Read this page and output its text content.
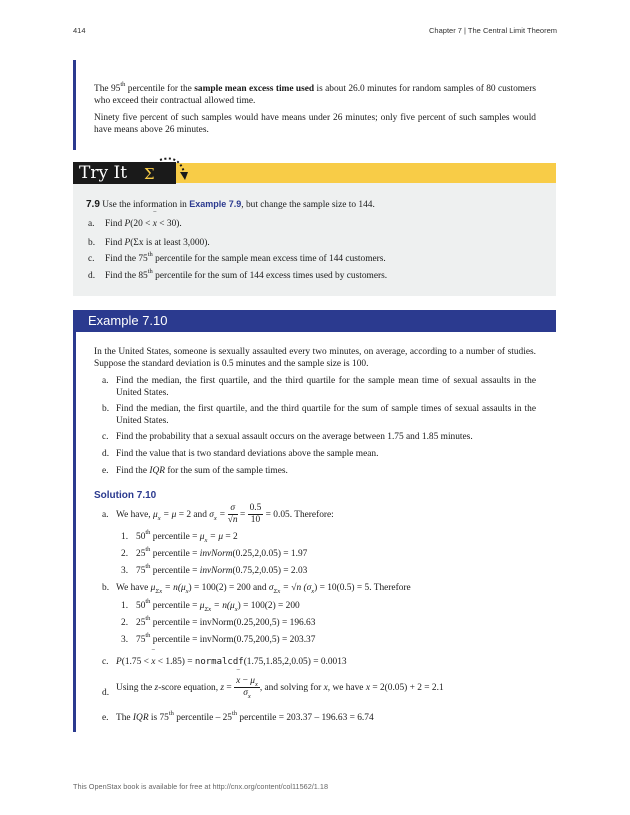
414	Chapter 7 | The Central Limit Theorem
The 95th percentile for the sample mean excess time used is about 26.0 minutes for random samples of 80 customers who exceed their contractual allowed time.
Ninety five percent of such samples would have means under 26 minutes; only five percent of such samples would have means above 26 minutes.
Try It	Σ
7.9 Use the information in Example 7.9, but change the sample size to 144.
a. Find P(20 < ‾ x < 30).
b. Find P(Σx is at least 3,000).
c. Find the 75th percentile for the sample mean excess time of 144 customers.
d. Find the 85th percentile for the sum of 144 excess times used by customers.
Example 7.10
In the United States, someone is sexually assaulted every two minutes, on average, according to a number of studies. Suppose the standard deviation is 0.5 minutes and the sample size is 100.
a. Find the median, the first quartile, and the third quartile for the sample mean time of sexual assaults in the United States.
b. Find the median, the first quartile, and the third quartile for the sum of sample times of sexual assaults in the United States.
c. Find the probability that a sexual assault occurs on the average between 1.75 and 1.85 minutes.
d. Find the value that is two standard deviations above the sample mean.
e. Find the IQR for the sum of the sample times.
Solution 7.10
a. We have, $\mu_x = \mu = 2$ and $\sigma_x = \frac{\sigma}{√n} = \frac{0.5}{10} = 0.05$. Therefore:
1. 50th percentile = $\mu_x = \mu = 2$
2. 25th percentile = invNorm(0.25,2,0.05) = 1.97
3. 75th percentile = invNorm(0.75,2,0.05) = 2.03
b. We have $\mu_{\Sigma x} = n(\mu_x) = 100(2) = 200$ and $\sigma_{\Sigma x} = √n$ $(\sigma_x) = 10(0.5) = 5$. Therefore
1. 50th percentile = $\mu_{\Sigma x} = n(\mu_x) = 100(2) = 200$
2. 25th percentile = invNorm(0.25,200,5) = 196.63
3. 75th percentile = invNorm(0.75,200,5) = 203.37
c. P(1.75 < ‾ x < 1.85) = normalcdf(1.75,1.85,2,0.05) = 0.0013
d. Using the z-score equation, z =
‾ $\frac{x - \mu_x}{\sigma_x}$ , and solving for x, we have x = 2(0.05) + 2 = 2.1
e. The IQR is 75th percentile – 25th percentile = 203.37 – 196.63 = 6.74
This OpenStax book is available for free at http://cnx.org/content/col11562/1.18
